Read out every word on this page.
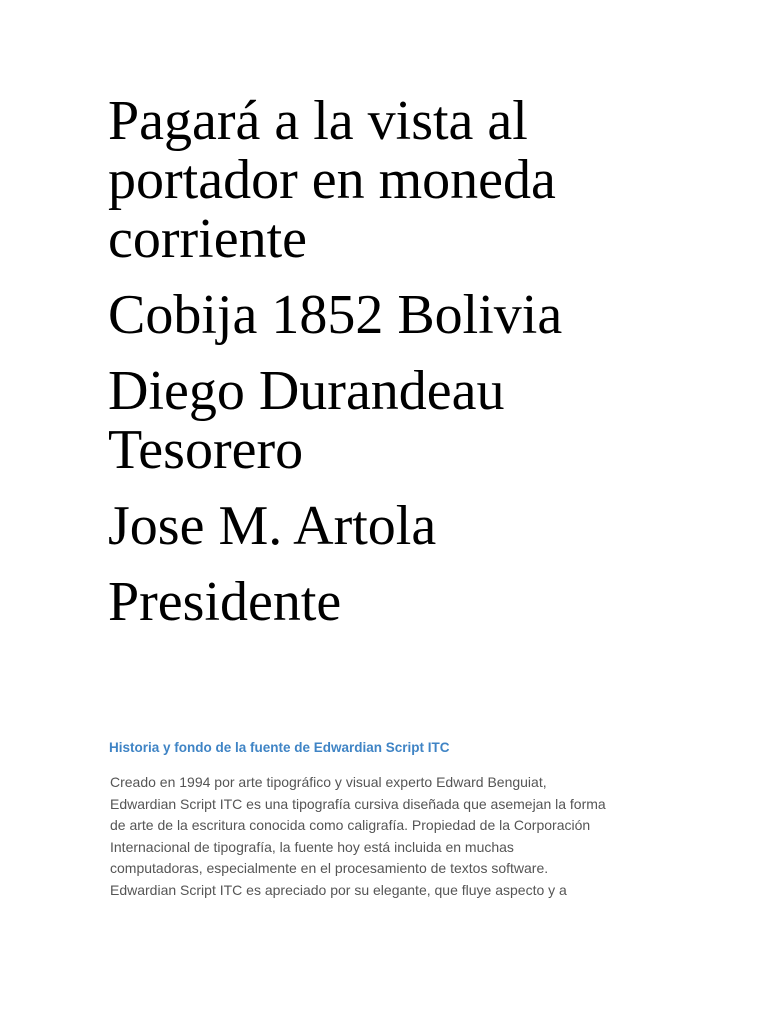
Pagará a la vista al
portador en moneda
corriente
Cobija 1852 Bolivia
Diego Durandeau
Tesorero
Jose M. Artola
Presidente
Historia y fondo de la fuente de Edwardian Script ITC
Creado en 1994 por arte tipográfico y visual experto Edward Benguiat,
Edwardian Script ITC es una tipografía cursiva diseñada que asemejan la forma
de arte de la escritura conocida como caligrafía. Propiedad de la Corporación
Internacional de tipografía, la fuente hoy está incluida en muchas
computadoras, especialmente en el procesamiento de textos software.
Edwardian Script ITC es apreciado por su elegante, que fluye aspecto y a
